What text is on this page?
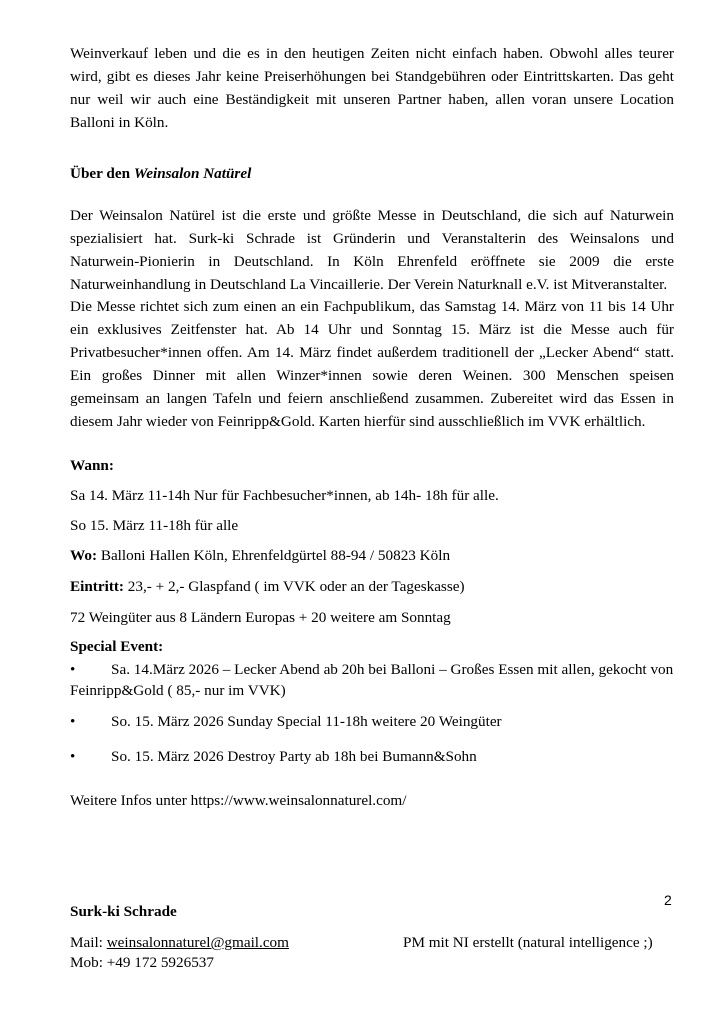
Weinverkauf leben und die es in den heutigen Zeiten nicht einfach haben. Obwohl alles teurer
wird, gibt es dieses Jahr keine Preiserhöhungen bei Standgebühren oder Eintrittskarten. Das geht
nur weil wir auch eine Beständigkeit mit unseren Partner haben, allen voran unsere Location
Balloni in Köln.
Über den Weinsalon Natürel
Der Weinsalon Natürel ist die erste und größte Messe in Deutschland, die sich auf Naturwein
spezialisiert hat. Surk-ki Schrade ist Gründerin und Veranstalterin des Weinsalons und
Naturwein-Pionierin in Deutschland. In Köln Ehrenfeld eröffnete sie 2009 die erste
Naturweinhandlung in Deutschland La Vincaillerie. Der Verein Naturknall e.V. ist Mitveranstalter.
Die Messe richtet sich zum einen an ein Fachpublikum, das Samstag 14. März von 11 bis 14 Uhr
ein exklusives Zeitfenster hat. Ab 14 Uhr und Sonntag 15. März ist die Messe auch für
Privatbesucher*innen offen. Am 14. März findet außerdem traditionell der „Lecker Abend“ statt.
Ein großes Dinner mit allen Winzer*innen sowie deren Weinen. 300 Menschen speisen
gemeinsam an langen Tafeln und feiern anschließend zusammen. Zubereitet wird das Essen in
diesem Jahr wieder von Feinripp&Gold. Karten hierfür sind ausschließlich im VVK erhältlich.
Wann:
Sa 14. März 11-14h Nur für Fachbesucher*innen, ab 14h- 18h für alle.
So 15. März 11-18h für alle
Wo: Balloni Hallen Köln, Ehrenfeldgürtel 88-94 / 50823 Köln
Eintritt: 23,- + 2,- Glaspfand ( im VVK oder an der Tageskasse)
72 Weingüter aus 8 Ländern Europas + 20 weitere am Sonntag
Special Event:
•	Sa. 14.März 2026 – Lecker Abend ab 20h bei Balloni – Großes Essen mit allen, gekocht von
Feinripp&Gold ( 85,- nur im VVK)
•	So. 15. März 2026 Sunday Special 11-18h weitere 20 Weingüter
•	So. 15. März 2026 Destroy Party ab 18h bei Bumann&Sohn
Weitere Infos unter https://www.weinsalonnaturel.com/
2
Surk-ki Schrade
Mail: weinsalonnaturel@gmail.com	PM mit NI erstellt (natural intelligence ;)
Mob: +49 172 5926537
